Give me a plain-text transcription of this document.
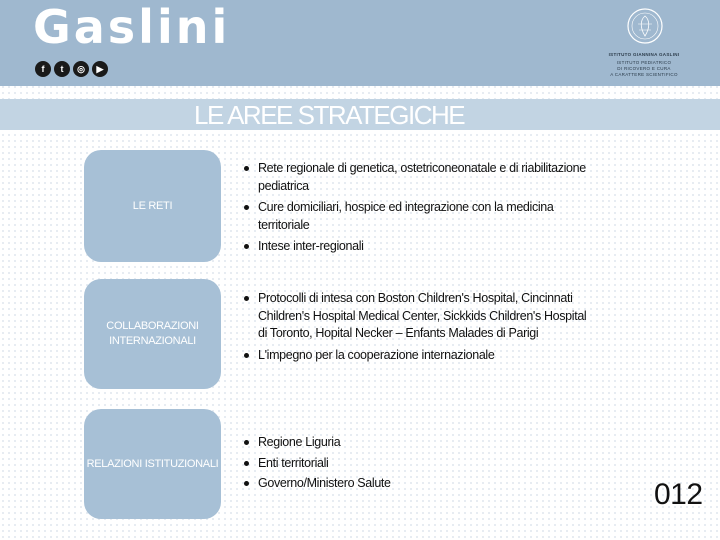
Gaslini
f	t	◎	▶
ISTITUTO GIANNINA GASLINI
ISTITUTO PEDIATRICO
DI RICOVERO E CURA
A CARATTERE SCIENTIFICO
LE AREE STRATEGICHE
LE RETI
Rete regionale di genetica, ostetriconeonatale e di riabilitazione pediatrica
Cure domiciliari, hospice ed integrazione con la medicina territoriale
Intese inter-regionali
COLLABORAZIONI INTERNAZIONALI
Protocolli di intesa con Boston Children's Hospital, Cincinnati Children's Hospital Medical Center, Sickkids Children's Hospital di Toronto, Hopital Necker – Enfants Malades di Parigi
L'impegno per la cooperazione internazionale
RELAZIONI ISTITUZIONALI
Regione Liguria
Enti territoriali
Governo/Ministero Salute	012
